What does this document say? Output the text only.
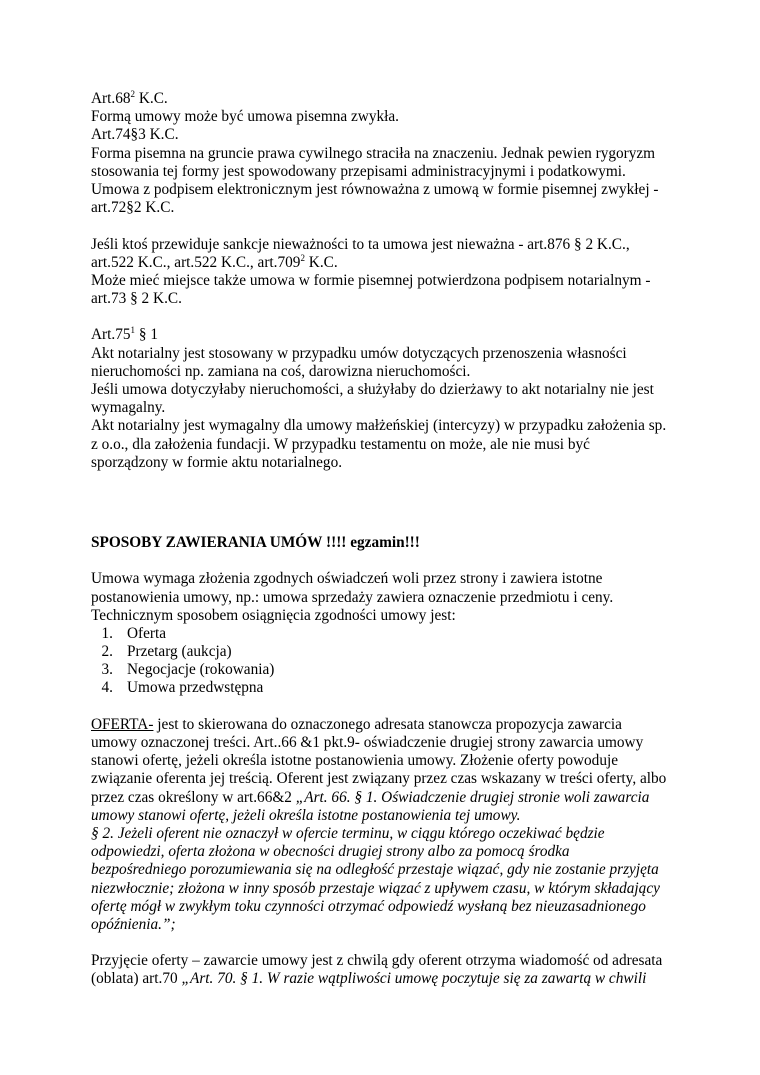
$Art.68^2$ K.C.
Formą umowy może być umowa pisemna zwykła.
Art.74§3 K.C.
Forma pisemna na gruncie prawa cywilnego straciła na znaczeniu. Jednak pewien rygoryzm
stosowania tej formy jest spowodowany przepisami administracyjnymi i podatkowymi.
Umowa z podpisem elektronicznym jest równoważna z umową w formie pisemnej zwykłej -
art.72§2 K.C.
Jeśli ktoś przewiduje sankcje nieważności to ta umowa jest nieważna - art.876 § 2 K.C.,
art.522 K.C., art.522 K.C., art.709$^2$ K.C.
Może mieć miejsce także umowa w formie pisemnej potwierdzona podpisem notarialnym -
art.73 § 2 K.C.
$Art.75^1$ § 1
Akt notarialny jest stosowany w przypadku umów dotyczących przenoszenia własności
nieruchomości np. zamiana na coś, darowizna nieruchomości.
Jeśli umowa dotyczyłaby nieruchomości, a służyłaby do dzierżawy to akt notarialny nie jest
wymagalny.
Akt notarialny jest wymagalny dla umowy małżeńskiej (intercyzy) w przypadku założenia sp.
z o.o., dla założenia fundacji. W przypadku testamentu on może, ale nie musi być
sporządzony w formie aktu notarialnego.
SPOSOBY ZAWIERANIA UMÓW !!!! egzamin!!!
Umowa wymaga złożenia zgodnych oświadczeń woli przez strony i zawiera istotne
postanowienia umowy, np.: umowa sprzedaży zawiera oznaczenie przedmiotu i ceny.
Technicznym sposobem osiągnięcia zgodności umowy jest:
1. Oferta
2. Przetarg (aukcja)
3. Negocjacje (rokowania)
4. Umowa przedwstępna
OFERTA- jest to skierowana do oznaczonego adresata stanowcza propozycja zawarcia
umowy oznaczonej treści. Art..66 &1 pkt.9- oświadczenie drugiej strony zawarcia umowy
stanowi ofertę, jeżeli określa istotne postanowienia umowy. Złożenie oferty powoduje
związanie oferenta jej treścią. Oferent jest związany przez czas wskazany w treści oferty, albo
przez czas określony w art.66&2 „Art. 66. § 1. Oświadczenie drugiej stronie woli zawarcia
umowy stanowi ofertę, jeżeli określa istotne postanowienia tej umowy.
§ 2. Jeżeli oferent nie oznaczył w ofercie terminu, w ciągu którego oczekiwać będzie
odpowiedzi, oferta złożona w obecności drugiej strony albo za pomocą środka
bezpośredniego porozumiewania się na odległość przestaje wiązać, gdy nie zostanie przyjęta
niezwłocznie; złożona w inny sposób przestaje wiązać z upływem czasu, w którym składający
ofertę mógł w zwykłym toku czynności otrzymać odpowiedź wysłaną bez nieuzasadnionego
opóźnienia.”;
Przyjęcie oferty – zawarcie umowy jest z chwilą gdy oferent otrzyma wiadomość od adresata
(oblata) art.70 „Art. 70. § 1. W razie wątpliwości umowę poczytuje się za zawartą w chwili
